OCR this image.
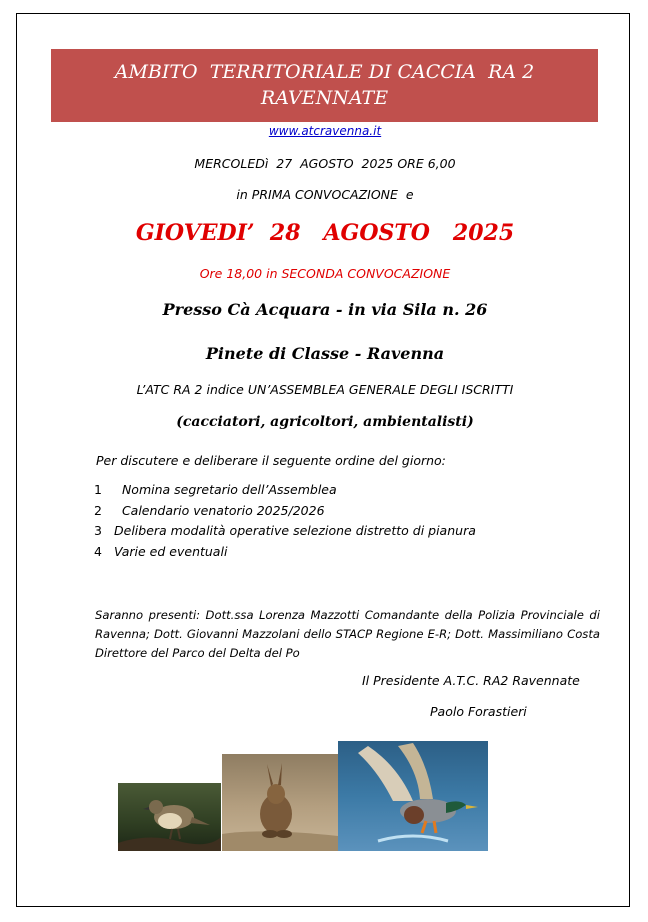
AMBITO  TERRITORIALE DI CACCIA  RA 2
RAVENNATE
www.atcravenna.it
MERCOLEDì  27  AGOSTO  2025 ORE 6,00
in PRIMA CONVOCAZIONE  e
GIOVEDI’  28   AGOSTO   2025
Ore 18,00 in SECONDA CONVOCAZIONE
Presso Cà Acquara - in via Sila n. 26
Pinete di Classe - Ravenna
L’ATC RA 2 indice UN’ASSEMBLEA GENERALE DEGLI ISCRITTI
(cacciatori, agricoltori, ambientalisti)
Per discutere e deliberare il seguente ordine del giorno:
1  Nomina segretario dell’Assemblea
2  Calendario venatorio 2025/2026
3 Delibera modalità operative selezione distretto di pianura
4 Varie ed eventuali
Saranno presenti: Dott.ssa Lorenza Mazzotti Comandante della Polizia Provinciale di Ravenna; Dott. Giovanni Mazzolani dello STACP Regione E-R; Dott. Massimiliano Costa Direttore del Parco del Delta del Po
Il Presidente A.T.C. RA2 Ravennate
Paolo Forastieri
